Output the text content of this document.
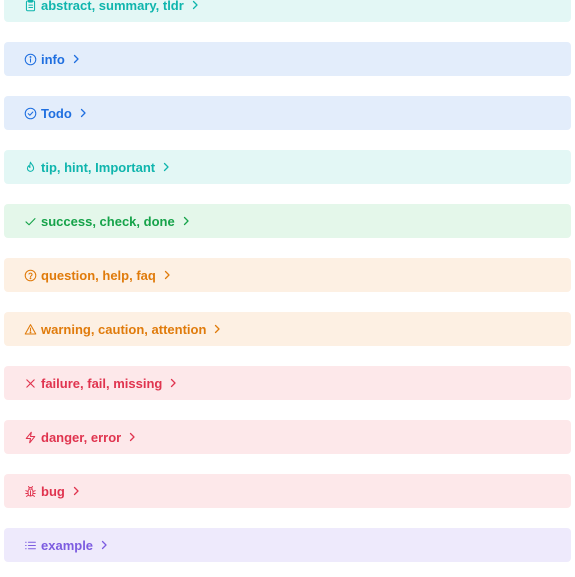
abstract, summary, tldr
info
Todo
tip, hint, Important
success, check, done
question, help, faq
warning, caution, attention
failure, fail, missing
danger, error
bug
example
